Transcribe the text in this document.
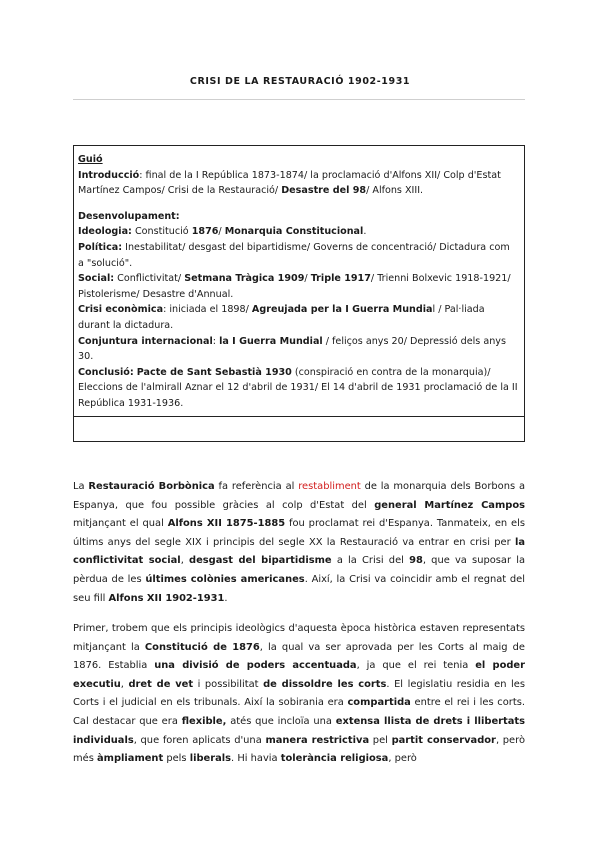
CRISI DE LA RESTAURACIÓ 1902-1931
Guió
Introducció: final de la I República 1873-1874/ la proclamació d'Alfons XII/ Colp d'Estat Martínez Campos/ Crisi de la Restauració/ Desastre del 98/ Alfons XIII.
Desenvolupament:
Ideologia: Constitució 1876/ Monarquia Constitucional.
Política: Inestabilitat/ desgast del bipartidisme/ Governs de concentració/ Dictadura com a "solució".
Social: Conflictivitat/ Setmana Tràgica 1909/ Triple 1917/ Trienni Bolxevic 1918-1921/ Pistolerisme/ Desastre d'Annual.
Crisi econòmica: iniciada el 1898/ Agreujada per la I Guerra Mundial / Pal·liada durant la dictadura.
Conjuntura internacional: la I Guerra Mundial / feliços anys 20/ Depressió dels anys 30.
Conclusió: Pacte de Sant Sebastià 1930 (conspiració en contra de la monarquia)/ Eleccions de l'almirall Aznar el 12 d'abril de 1931/ El 14 d'abril de 1931 proclamació de la II República 1931-1936.
La Restauració Borbònica fa referència al restabliment de la monarquia dels Borbons a Espanya, que fou possible gràcies al colp d'Estat del general Martínez Campos mitjançant el qual Alfons XII 1875-1885 fou proclamat rei d'Espanya. Tanmateix, en els últims anys del segle XIX i principis del segle XX la Restauració va entrar en crisi per la conflictivitat social, desgast del bipartidisme a la Crisi del 98, que va suposar la pèrdua de les últimes colònies americanes. Així, la Crisi va coincidir amb el regnat del seu fill Alfons XII 1902-1931.
Primer, trobem que els principis ideològics d'aquesta època històrica estaven representats mitjançant la Constitució de 1876, la qual va ser aprovada per les Corts al maig de 1876. Establia una divisió de poders accentuada, ja que el rei tenia el poder executiu, dret de vet i possibilitat de dissoldre les corts. El legislatiu residia en les Corts i el judicial en els tribunals. Així la sobirania era compartida entre el rei i les corts. Cal destacar que era flexible, atés que incloïa una extensa llista de drets i llibertats individuals, que foren aplicats d'una manera restrictiva pel partit conservador, però més àmpliament pels liberals. Hi havia tolerància religiosa, però
